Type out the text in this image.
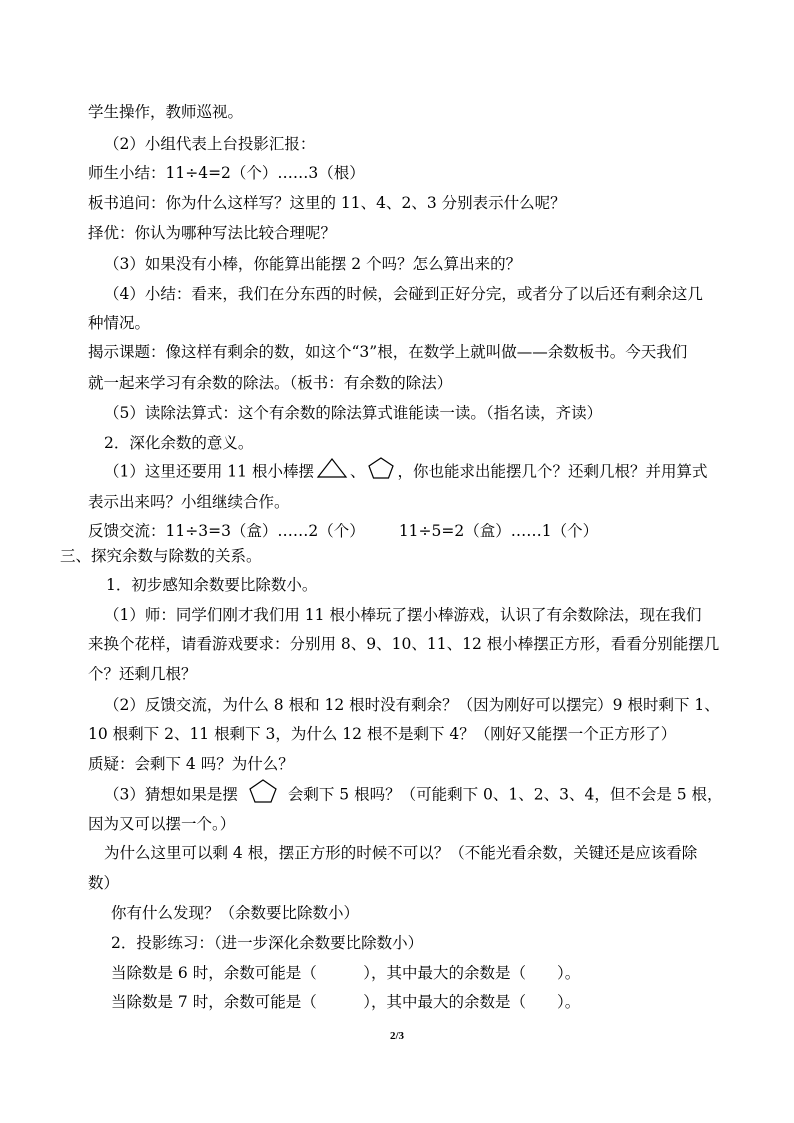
学生操作，教师巡视。
（2）小组代表上台投影汇报：
师生小结：11÷4=2（个）……3（根）
板书追问：你为什么这样写？这里的 11、4、2、3 分别表示什么呢？
择优：你认为哪种写法比较合理呢？
（3）如果没有小棒，你能算出能摆 2 个吗？怎么算出来的？
（4）小结：看来，我们在分东西的时候，会碰到正好分完，或者分了以后还有剩余这几
种情况。
揭示课题：像这样有剩余的数，如这个“3”根，在数学上就叫做——余数板书。今天我们
就一起来学习有余数的除法。（板书：有余数的除法）
（5）读除法算式：这个有余数的除法算式谁能读一读。（指名读，齐读）
2．深化余数的意义。
（1）这里还要用 11 根小棒摆 、 ，你也能求出能摆几个？还剩几根？并用算式
表示出来吗？小组继续合作。
反馈交流：11÷3=3（盒）……2（个） 11÷5=2（盒）……1（个）
三、探究余数与除数的关系。
1．初步感知余数要比除数小。
（1）师：同学们刚才我们用 11 根小棒玩了摆小棒游戏，认识了有余数除法，现在我们
来换个花样，请看游戏要求：分别用 8、9、10、11、12 根小棒摆正方形，看看分别能摆几
个？还剩几根？
（2）反馈交流，为什么 8 根和 12 根时没有剩余？（因为刚好可以摆完）9 根时剩下 1、
10 根剩下 2、11 根剩下 3，为什么 12 根不是剩下 4？（刚好又能摆一个正方形了）
质疑：会剩下 4 吗？为什么？
（3）猜想如果是摆	会剩下 5 根吗？（可能剩下 0、1、2、3、4，但不会是 5 根，
因为又可以摆一个。）
为什么这里可以剩 4 根，摆正方形的时候不可以？（不能光看余数，关键还是应该看除
数）
你有什么发现？（余数要比除数小）
2．投影练习：（进一步深化余数要比除数小）
当除数是 6 时，余数可能是（　　　），其中最大的余数是（　　）。
当除数是 7 时，余数可能是（　　　），其中最大的余数是（　　）。
2/3
